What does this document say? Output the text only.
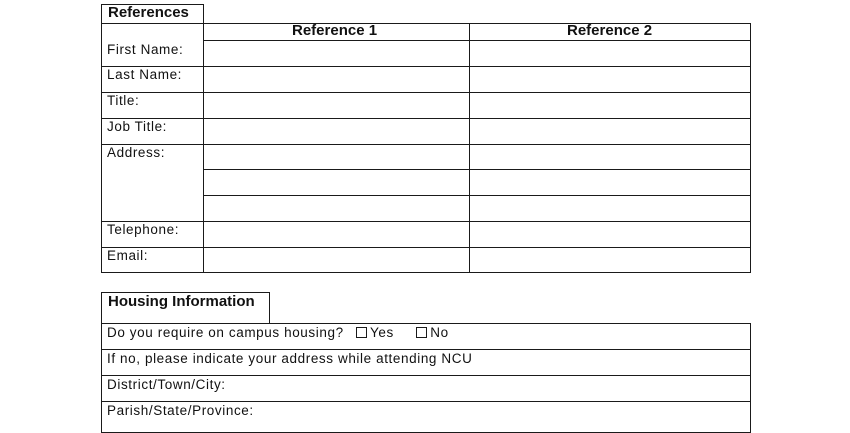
References
Reference 1	Reference 2
First Name:
Last Name:
Title:
Job Title:
Address:
Telephone:
Email:
Housing Information
Do you require on campus housing? Yes	No
If no, please indicate your address while attending NCU
District/Town/City:
Parish/State/Province:
